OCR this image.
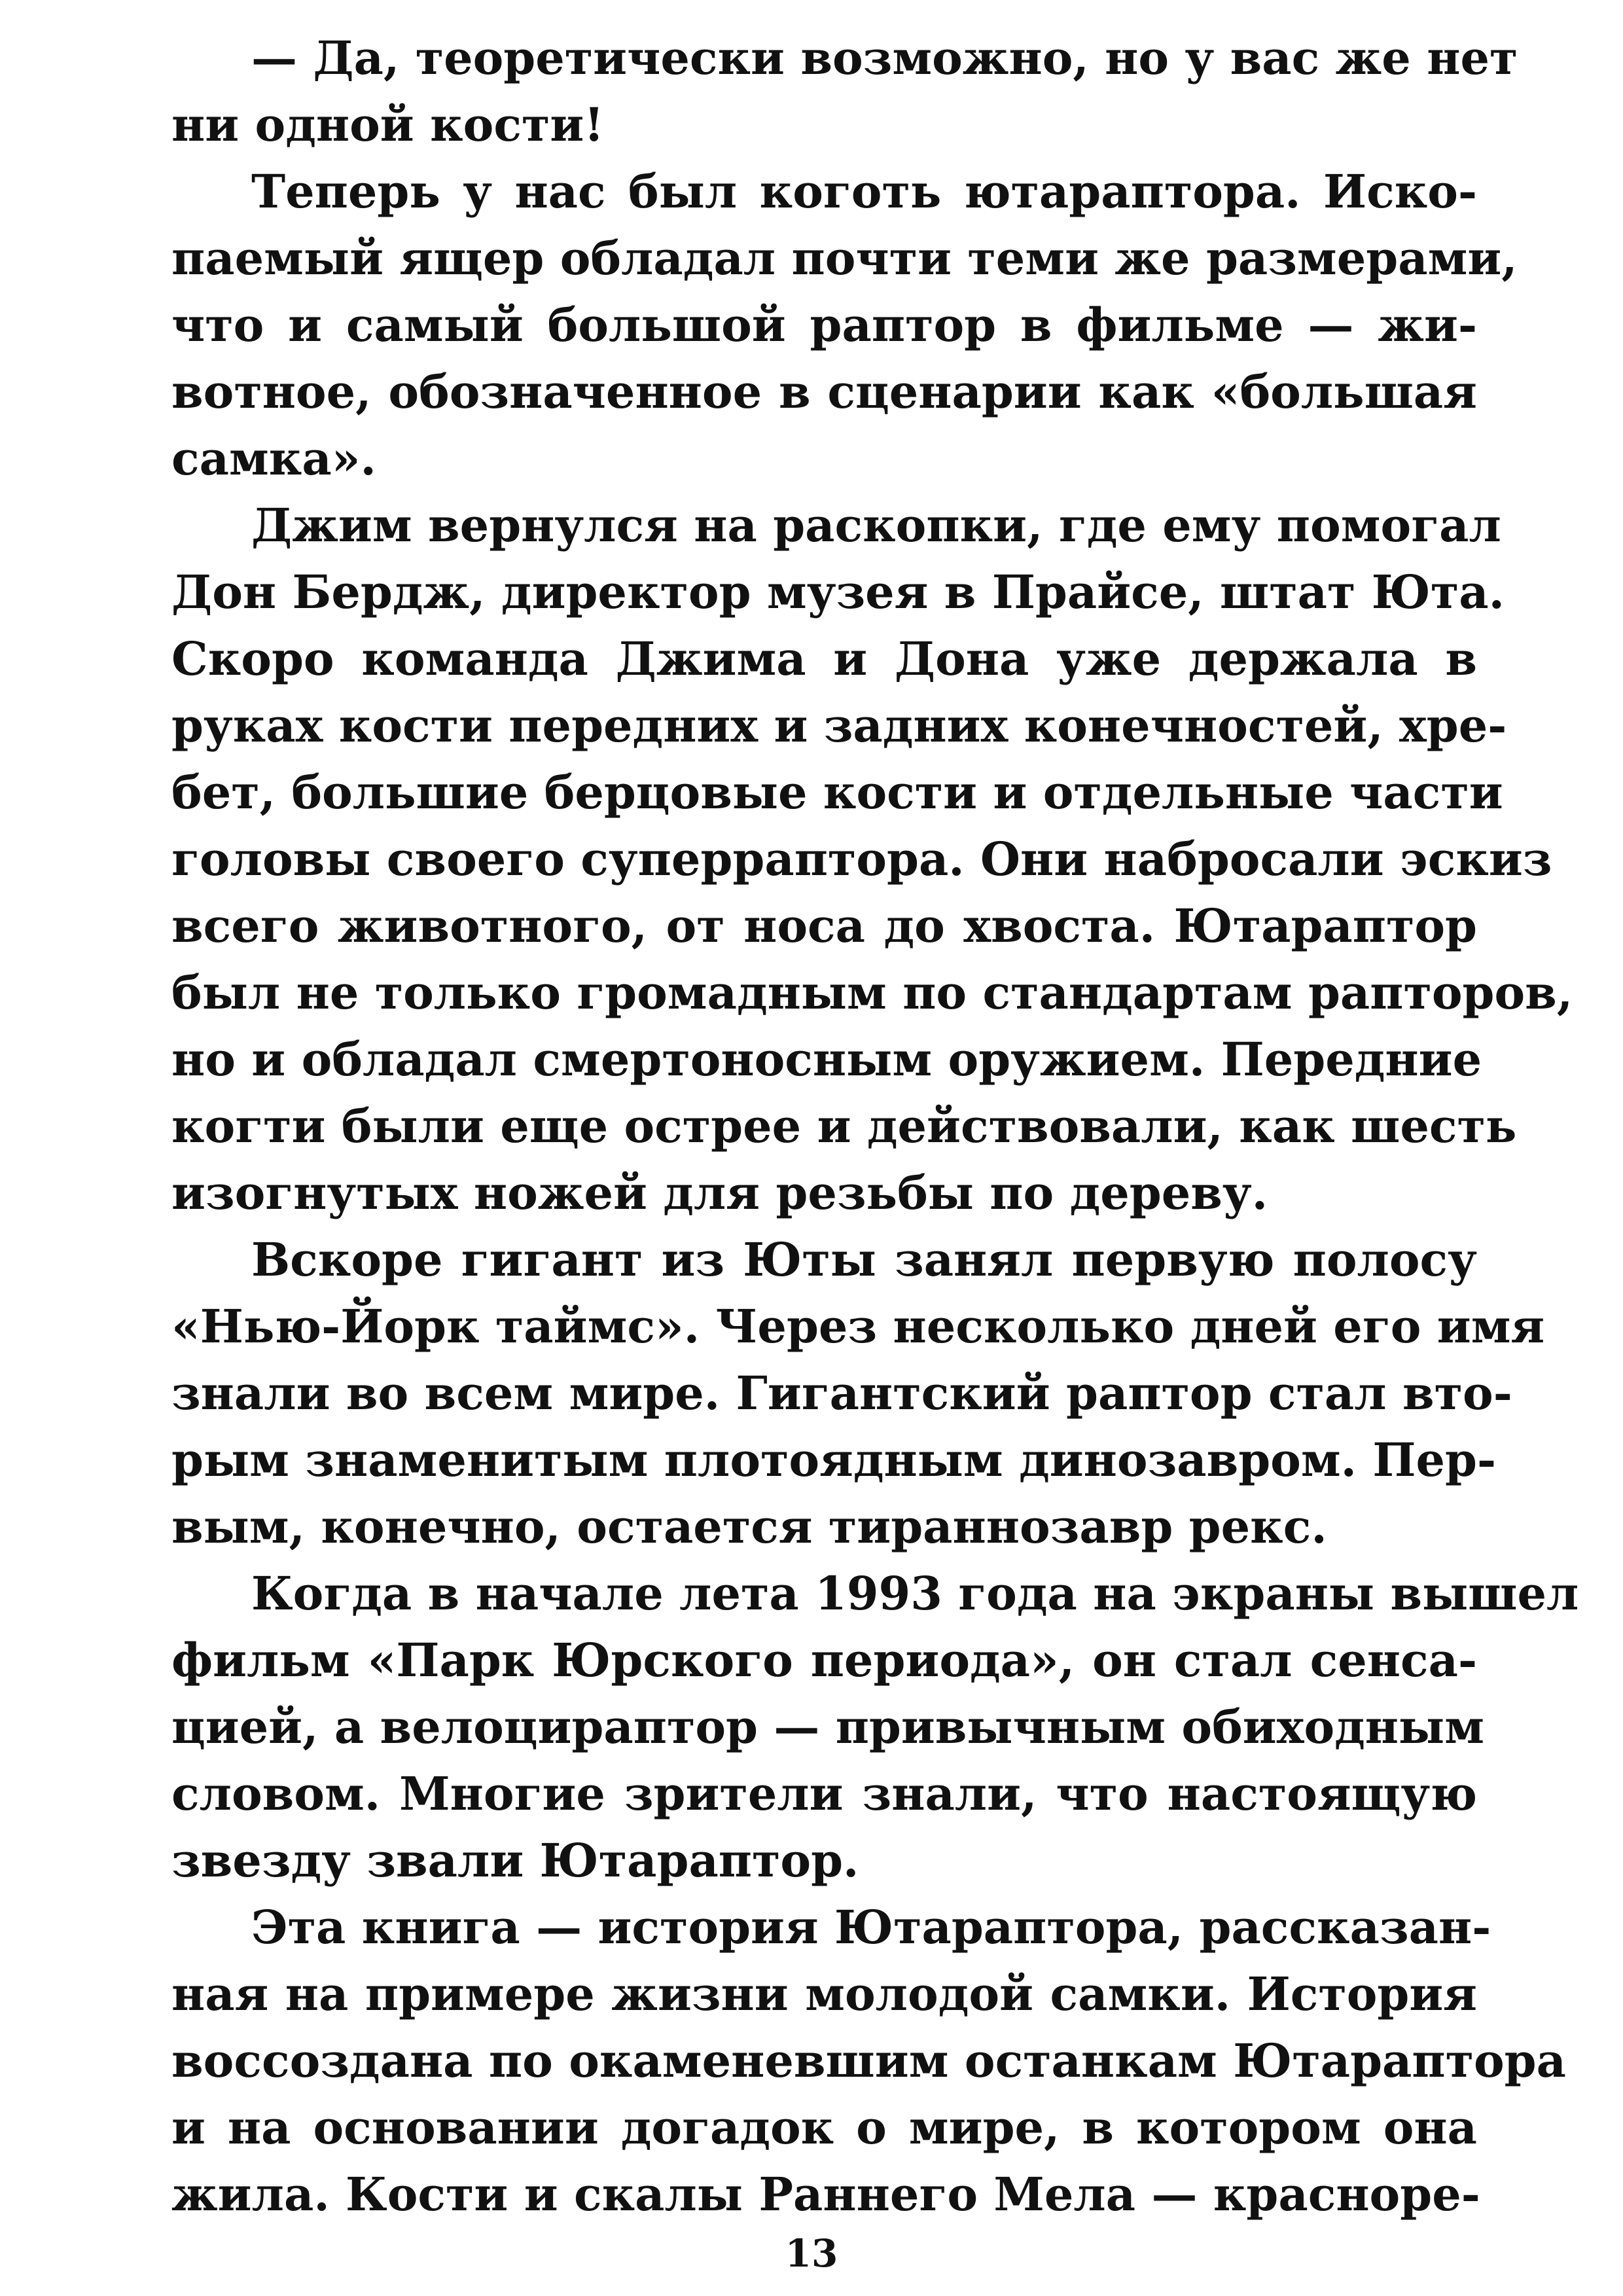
— Да, теоретически возможно, но у вас же нет
ни одной кости!
Теперь у нас был коготь ютараптора. Иско-
паемый ящер обладал почти теми же размерами,
что и самый большой раптор в фильме — жи-
вотное, обозначенное в сценарии как «большая
самка».
Джим вернулся на раскопки, где ему помогал
Дон Бердж, директор музея в Прайсе, штат Юта.
Скоро команда Джима и Дона уже держала в
руках кости передних и задних конечностей, хре-
бет, большие берцовые кости и отдельные части
головы своего суперраптора. Они набросали эскиз
всего животного, от носа до хвоста. Ютараптор
был не только громадным по стандартам рапторов,
но и обладал смертоносным оружием. Передние
когти были еще острее и действовали, как шесть
изогнутых ножей для резьбы по дереву.
Вскоре гигант из Юты занял первую полосу
«Нью-Йорк таймс». Через несколько дней его имя
знали во всем мире. Гигантский раптор стал вто-
рым знаменитым плотоядным динозавром. Пер-
вым, конечно, остается тираннозавр рекс.
Когда в начале лета 1993 года на экраны вышел
фильм «Парк Юрского периода», он стал сенса-
цией, а велоцираптор — привычным обиходным
словом. Многие зрители знали, что настоящую
звезду звали Ютараптор.
Эта книга — история Ютараптора, рассказан-
ная на примере жизни молодой самки. История
воссоздана по окаменевшим останкам Ютараптора
и на основании догадок о мире, в котором она
жила. Кости и скалы Раннего Мела — красноре-
13
